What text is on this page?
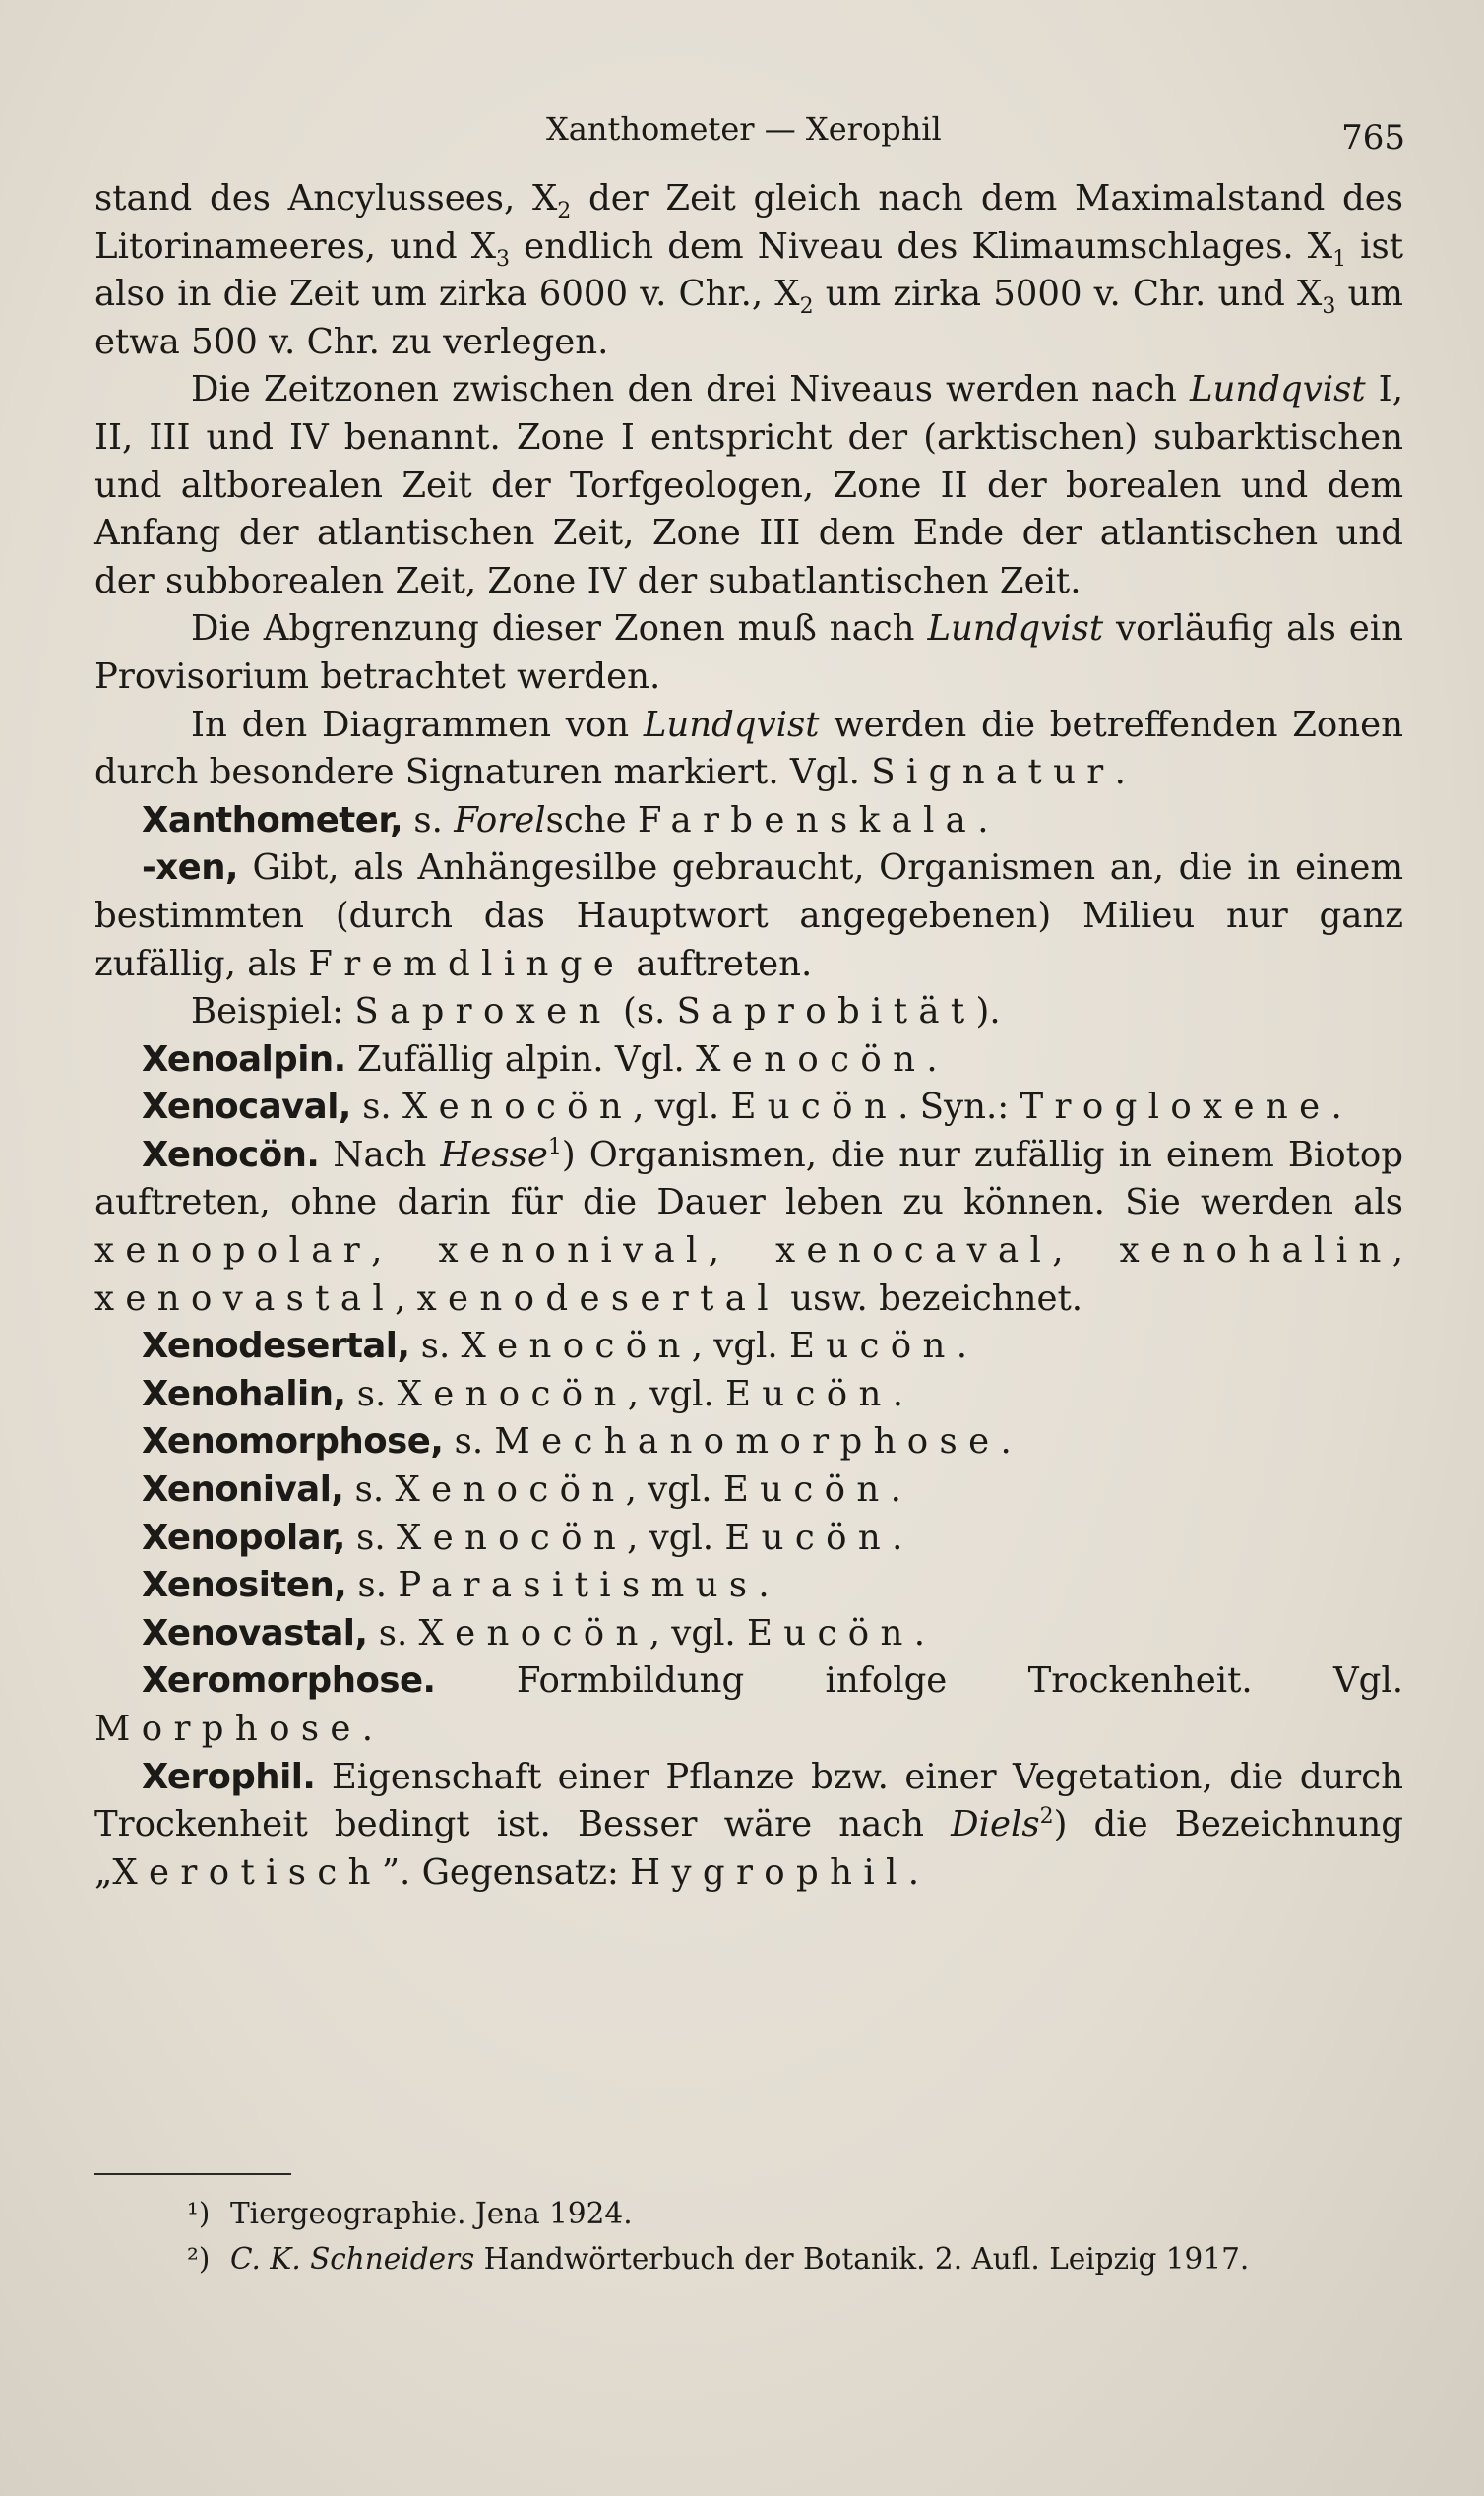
Xanthometer — Xerophil	765

stand des Ancylussees, $X_2$ der Zeit gleich nach dem Maximalstand des Litorinameeres, und $X_3$ endlich dem Niveau des Klimaumschlages. $X_1$ ist also in die Zeit um zirka 6000 v. Chr., $X_2$ um zirka 5000 v. Chr. und $X_3$ um etwa 500 v. Chr. zu verlegen.

Die Zeitzonen zwischen den drei Niveaus werden nach Lundqvist I, II, III und IV benannt. Zone I entspricht der (arktischen) subarktischen und altborealen Zeit der Torfgeologen, Zone II der borealen und dem Anfang der atlantischen Zeit, Zone III dem Ende der atlantischen und der subborealen Zeit, Zone IV der subatlantischen Zeit.

Die Abgrenzung dieser Zonen muß nach Lundqvist vorläufig als ein Provisorium betrachtet werden.

In den Diagrammen von Lundqvist werden die betreffenden Zonen durch besondere Signaturen markiert. Vgl. Signatur.

Xanthometer, s. Forelsche Farbenskala.

-xen, Gibt, als Anhängesilbe gebraucht, Organismen an, die in einem bestimmten (durch das Hauptwort angegebenen) Milieu nur ganz zufällig, als Fremdlinge auftreten.

Beispiel: Saproxen (s. Saprobität).

Xenoalpin. Zufällig alpin. Vgl. Xenocön.

Xenocaval, s. Xenocön, vgl. Eucön. Syn.: Trogloxene.

Xenocön. Nach Hesse$^1$) Organismen, die nur zufällig in einem Biotop auftreten, ohne darin für die Dauer leben zu können. Sie werden als xenopolar, xenonival, xenocaval, xenohalin, xenovastal, xenodesertal usw. bezeichnet.

Xenodesertal, s. Xenocön, vgl. Eucön.

Xenohalin, s. Xenocön, vgl. Eucön.

Xenomorphose, s. Mechanomorphose.

Xenonival, s. Xenocön, vgl. Eucön.

Xenopolar, s. Xenocön, vgl. Eucön.

Xenositen, s. Parasitismus.

Xenovastal, s. Xenocön, vgl. Eucön.

Xeromorphose. Formbildung infolge Trockenheit. Vgl. Morphose.

Xerophil. Eigenschaft einer Pflanze bzw. einer Vegetation, die durch Trockenheit bedingt ist. Besser wäre nach Diels$^2$) die Bezeichnung „Xerotisch”. Gegensatz: Hygrophil.

¹) Tiergeographie. Jena 1924.

²) C. K. Schneiders Handwörterbuch der Botanik. 2. Aufl. Leipzig 1917.
